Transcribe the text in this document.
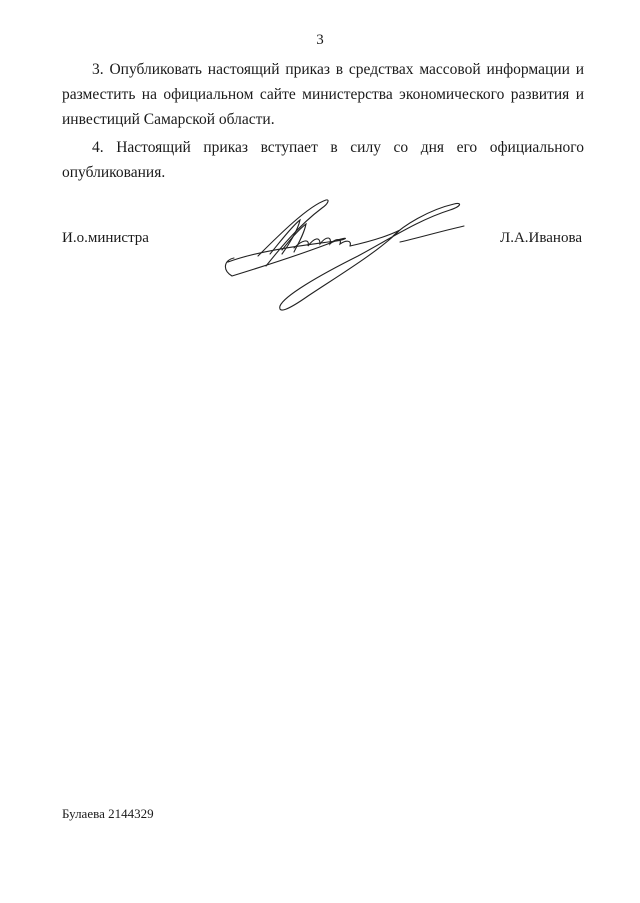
3
3. Опубликовать настоящий приказ в средствах массовой информации и разместить на официальном сайте министерства экономического развития и инвестиций Самарской области.
4. Настоящий приказ вступает в силу со дня его официального опубликования.
И.о.министра	Л.А.Иванова
Булаева 2144329
